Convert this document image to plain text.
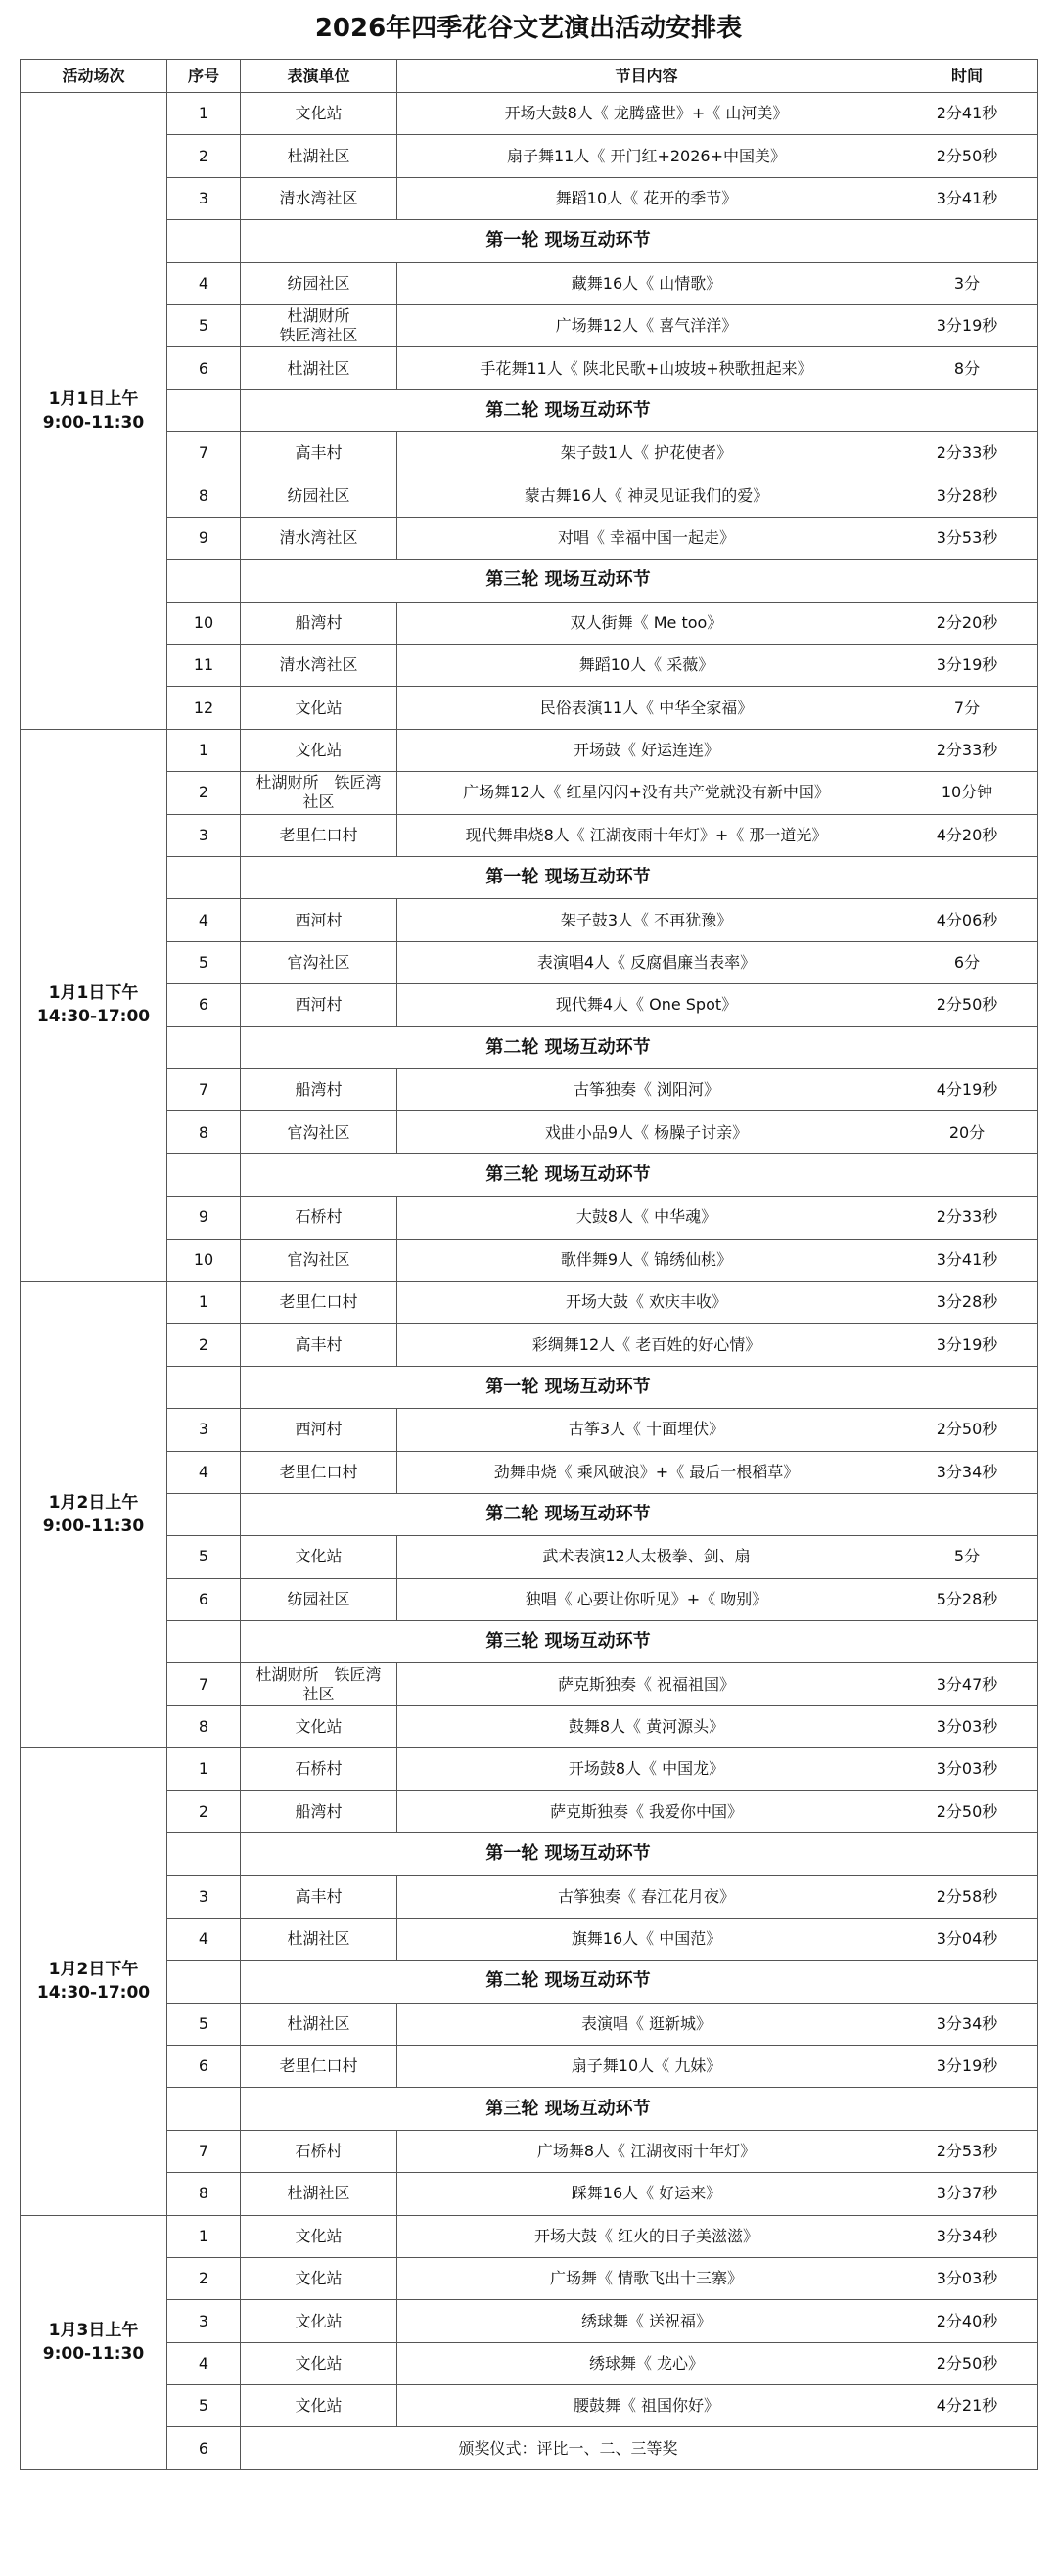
2026年四季花谷文艺演出活动安排表
活动场次	序号	表演单位	节目内容	时间
1月1日上午
9:00-11:30	1	文化站	开场大鼓8人《 龙腾盛世》+《 山河美》	2分41秒
	2	杜湖社区	扇子舞11人《 开门红+2026+中国美》	2分50秒
	3	清水湾社区	舞蹈10人《 花开的季节》	3分41秒
		第一轮 现场互动环节		
	4	纺园社区	藏舞16人《 山情歌》	3分
	5	杜湖财所
铁匠湾社区	广场舞12人《 喜气洋洋》	3分19秒
	6	杜湖社区	手花舞11人《 陕北民歌+山坡坡+秧歌扭起来》	8分
		第二轮 现场互动环节		
	7	高丰村	架子鼓1人《 护花使者》	2分33秒
	8	纺园社区	蒙古舞16人《 神灵见证我们的爱》	3分28秒
	9	清水湾社区	对唱《 幸福中国一起走》	3分53秒
		第三轮 现场互动环节		
	10	船湾村	双人街舞《 Me too》	2分20秒
	11	清水湾社区	舞蹈10人《 采薇》	3分19秒
	12	文化站	民俗表演11人《 中华全家福》	7分
1月1日下午
14:30-17:00	1	文化站	开场鼓《 好运连连》	2分33秒
	2	杜湖财所　铁匠湾
社区	广场舞12人《 红星闪闪+没有共产党就没有新中国》	10分钟
	3	老里仁口村	现代舞串烧8人《 江湖夜雨十年灯》+《 那一道光》	4分20秒
		第一轮 现场互动环节		
	4	西河村	架子鼓3人《 不再犹豫》	4分06秒
	5	官沟社区	表演唱4人《 反腐倡廉当表率》	6分
	6	西河村	现代舞4人《 One Spot》	2分50秒
		第二轮 现场互动环节		
	7	船湾村	古筝独奏《 浏阳河》	4分19秒
	8	官沟社区	戏曲小品9人《 杨臊子讨亲》	20分
		第三轮 现场互动环节		
	9	石桥村	大鼓8人《 中华魂》	2分33秒
	10	官沟社区	歌伴舞9人《 锦绣仙桃》	3分41秒
1月2日上午
9:00-11:30	1	老里仁口村	开场大鼓《 欢庆丰收》	3分28秒
	2	高丰村	彩绸舞12人《 老百姓的好心情》	3分19秒
		第一轮 现场互动环节		
	3	西河村	古筝3人《 十面埋伏》	2分50秒
	4	老里仁口村	劲舞串烧《 乘风破浪》+《 最后一根稻草》	3分34秒
		第二轮 现场互动环节		
	5	文化站	武术表演12人太极拳、剑、扇	5分
	6	纺园社区	独唱《 心要让你听见》+《 吻别》	5分28秒
		第三轮 现场互动环节		
	7	杜湖财所　铁匠湾
社区	萨克斯独奏《 祝福祖国》	3分47秒
	8	文化站	鼓舞8人《 黄河源头》	3分03秒
1月2日下午
14:30-17:00	1	石桥村	开场鼓8人《 中国龙》	3分03秒
	2	船湾村	萨克斯独奏《 我爱你中国》	2分50秒
		第一轮 现场互动环节		
	3	高丰村	古筝独奏《 春江花月夜》	2分58秒
	4	杜湖社区	旗舞16人《 中国范》	3分04秒
		第二轮 现场互动环节		
	5	杜湖社区	表演唱《 逛新城》	3分34秒
	6	老里仁口村	扇子舞10人《 九妹》	3分19秒
		第三轮 现场互动环节		
	7	石桥村	广场舞8人《 江湖夜雨十年灯》	2分53秒
	8	杜湖社区	踩舞16人《 好运来》	3分37秒
1月3日上午
9:00-11:30	1	文化站	开场大鼓《 红火的日子美滋滋》	3分34秒
	2	文化站	广场舞《 情歌飞出十三寨》	3分03秒
	3	文化站	绣球舞《 送祝福》	2分40秒
	4	文化站	绣球舞《 龙心》	2分50秒
	5	文化站	腰鼓舞《 祖国你好》	4分21秒
	6	颁奖仪式：评比一、二、三等奖		
